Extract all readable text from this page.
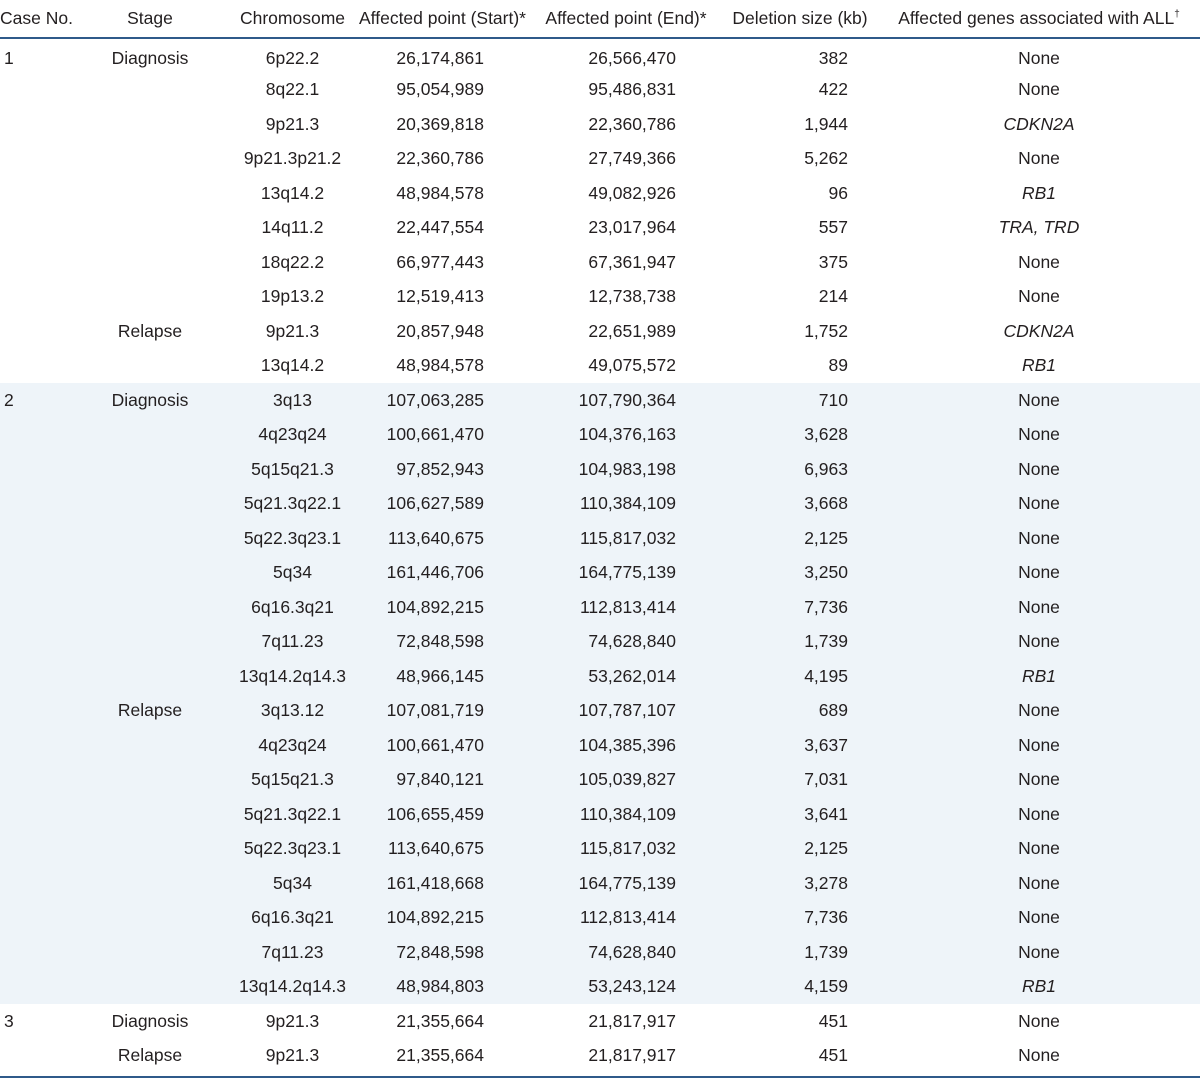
Case No.	Stage	Chromosome	Affected point (Start)*	Affected point (End)*	Deletion size (kb)	Affected genes associated with ALL†
1	Diagnosis	6p22.2	26,174,861	26,566,470	382	None
		8q22.1	95,054,989	95,486,831	422	None
		9p21.3	20,369,818	22,360,786	1,944	CDKN2A
		9p21.3p21.2	22,360,786	27,749,366	5,262	None
		13q14.2	48,984,578	49,082,926	96	RB1
		14q11.2	22,447,554	23,017,964	557	TRA, TRD
		18q22.2	66,977,443	67,361,947	375	None
		19p13.2	12,519,413	12,738,738	214	None
	Relapse	9p21.3	20,857,948	22,651,989	1,752	CDKN2A
		13q14.2	48,984,578	49,075,572	89	RB1
2	Diagnosis	3q13	107,063,285	107,790,364	710	None
		4q23q24	100,661,470	104,376,163	3,628	None
		5q15q21.3	97,852,943	104,983,198	6,963	None
		5q21.3q22.1	106,627,589	110,384,109	3,668	None
		5q22.3q23.1	113,640,675	115,817,032	2,125	None
		5q34	161,446,706	164,775,139	3,250	None
		6q16.3q21	104,892,215	112,813,414	7,736	None
		7q11.23	72,848,598	74,628,840	1,739	None
		13q14.2q14.3	48,966,145	53,262,014	4,195	RB1
	Relapse	3q13.12	107,081,719	107,787,107	689	None
		4q23q24	100,661,470	104,385,396	3,637	None
		5q15q21.3	97,840,121	105,039,827	7,031	None
		5q21.3q22.1	106,655,459	110,384,109	3,641	None
		5q22.3q23.1	113,640,675	115,817,032	2,125	None
		5q34	161,418,668	164,775,139	3,278	None
		6q16.3q21	104,892,215	112,813,414	7,736	None
		7q11.23	72,848,598	74,628,840	1,739	None
		13q14.2q14.3	48,984,803	53,243,124	4,159	RB1
3	Diagnosis	9p21.3	21,355,664	21,817,917	451	None
	Relapse	9p21.3	21,355,664	21,817,917	451	None
